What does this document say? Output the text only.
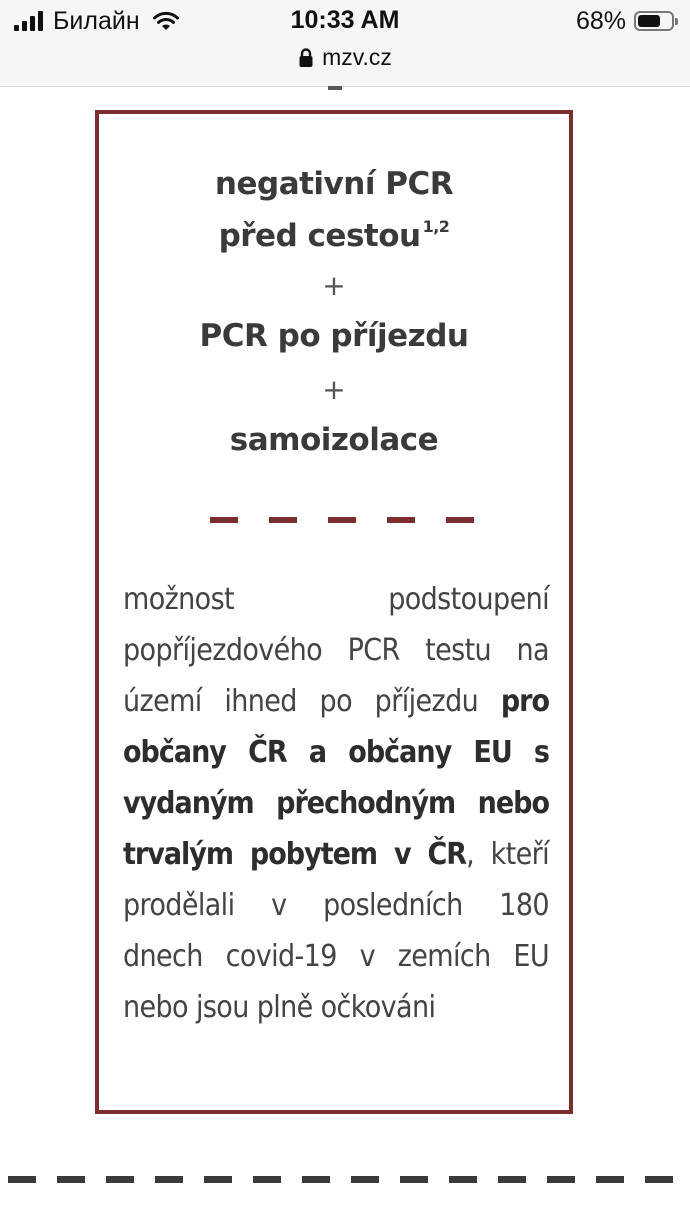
Билайн	10:33 AM	68%
mzv.cz
negativní PCR
před cestou $^{1,2}$
+
PCR po příjezdu
+
samoizolace
možnost podstoupení popříjezdového PCR testu na území ihned po příjezdu pro občany ČR a občany EU s vydaným přechodným nebo trvalým pobytem v ČR, kteří prodělali v posledních 180 dnech covid-19 v zemích EU nebo jsou plně očkováni
